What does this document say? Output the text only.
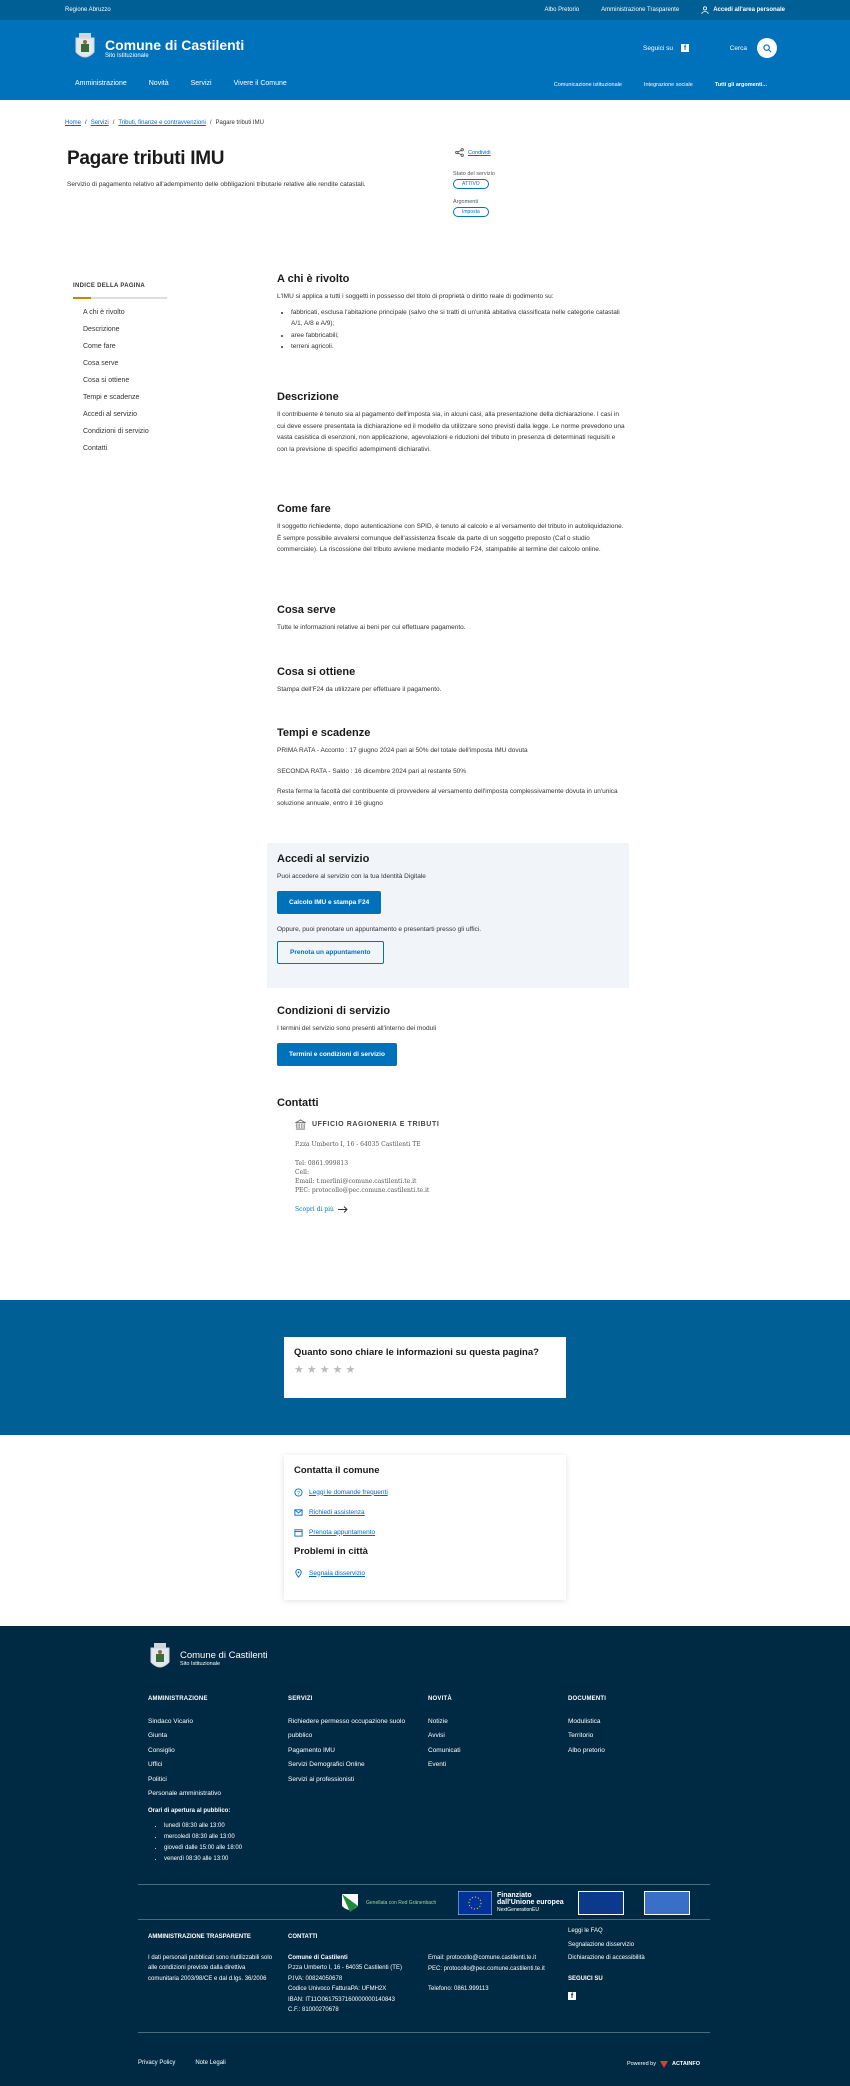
Regione Abruzzo	Albo Pretorio	Amministrazione Trasparente	Accedi all'area personale
Comune di Castilenti
Sito Istituzionale
Seguici su	f	Cerca
Amministrazione	Novità	Servizi	Vivere il Comune	Comunicazione istituzionale	Integrazione sociale	Tutti gli argomenti...
Home / Servizi / Tributi, finanze e contravvenzioni / Pagare tributi IMU
Pagare tributi IMU

Servizio di pagamento relativo all'adempimento delle obbligazioni tributarie relative alle rendite catastali.

Condividi
Stato del servizio
ATTIVO
Argomenti
Imposta
INDICE DELLA PAGINA
A chi è rivolto
Descrizione
Come fare
Cosa serve
Cosa si ottiene
Tempi e scadenze
Accedi al servizio
Condizioni di servizio
Contatti
A chi è rivolto

L'IMU si applica a tutti i soggetti in possesso del titolo di proprietà o diritto reale di godimento su:

• fabbricati, esclusa l'abitazione principale (salvo che si tratti di un'unità abitativa classificata nelle categorie catastali A/1, A/8 e A/9);
• aree fabbricabili;
• terreni agricoli.
Descrizione

Il contribuente è tenuto sia al pagamento dell'imposta sia, in alcuni casi, alla presentazione della dichiarazione. I casi in cui deve essere presentata la dichiarazione ed il modello da utilizzare sono previsti dalla legge. Le norme prevedono una vasta casistica di esenzioni, non applicazione, agevolazioni e riduzioni del tributo in presenza di determinati requisiti e con la previsione di specifici adempimenti dichiarativi.

Come fare

Il soggetto richiedente, dopo autenticazione con SPID, è tenuto al calcolo e al versamento del tributo in autoliquidazione. È sempre possibile avvalersi comunque dell'assistenza fiscale da parte di un soggetto preposto (Caf o studio commerciale). La riscossione del tributo avviene mediante modello F24, stampabile al termine del calcolo online.

Cosa serve

Tutte le informazioni relative ai beni per cui effettuare pagamento.

Cosa si ottiene

Stampa dell'F24 da utilizzare per effettuare il pagamento.

Tempi e scadenze

PRIMA RATA - Acconto : 17 giugno 2024 pari al 50% del totale dell'imposta IMU dovuta

SECONDA RATA - Saldo : 16 dicembre 2024 pari al restante 50%

Resta ferma la facoltà del contribuente di provvedere al versamento dell'imposta complessivamente dovuta in un'unica soluzione annuale, entro il 16 giugno

Accedi al servizio

Puoi accedere al servizio con la tua Identità Digitale

Calcolo IMU e stampa F24

Oppure, puoi prenotare un appuntamento e presentarti presso gli uffici.

Prenota un appuntamento
Condizioni di servizio

I termini del servizio sono presenti all'interno dei moduli

Termini e condizioni di servizio
Contatti
UFFICIO RAGIONERIA E TRIBUTI
P.zza Umberto I, 16 - 64035 Castilenti TE
Tel: 0861.999813
Cell:
Email: t.merlini@comune.castilenti.te.it
PEC: protocollo@pec.comune.castilenti.te.it
Scopri di più
Quanto sono chiare le informazioni su questa pagina?
★★★★★
Contatta il comune
? Leggi le domande frequenti
Richiedi assistenza
Prenota appuntamento
Problemi in città
Segnala disservizio
Comune di Castilenti
Sito Istituzionale
AMMINISTRAZIONE
Sindaco Vicario
Giunta
Consiglio
Uffici
Politici
Personale amministrativo
SERVIZI
Richiedere permesso occupazione suolo pubblico
Pagamento IMU
Servizi Demografici Online
Servizi ai professionisti
NOVITÀ
Notizie
Avvisi
Comunicati
Eventi
DOCUMENTI
Modulistica
Territorio
Albo pretorio
Orari di apertura al pubblico:
• lunedì 08:30 alle 13:00
• mercoledì 08:30 alle 13:00
• giovedì dalle 15:00 alle 18:00
• venerdì 08:30 alle 13:00
Genellata con Red Gränenbach
Finanziato
dall'Unione europea
NextGenerationEU
AMMINISTRAZIONE TRASPARENTE

I dati personali pubblicati sono riutilizzabili solo alle condizioni previste dalla direttiva comunitaria 2003/98/CE e dal d.lgs. 36/2006

CONTATTI
Comune di Castilenti
P.zza Umberto I, 16 - 64035 Castilenti (TE)
P.IVA: 00824050678
Codice Univoco FatturaPA: UFMH2X
IBAN: IT11O0617537160000000140843
C.F.: 81000270678
Email: protocollo@comune.castilenti.te.it
PEC: protocollo@pec.comune.castilenti.te.it
Telefono: 0861.999113
Leggi le FAQ
Segnalazione disservizio
Dichiarazione di accessibilità
SEGUICI SU
f
Privacy Policy	Note Legali	Powered by	ACTAINFO
